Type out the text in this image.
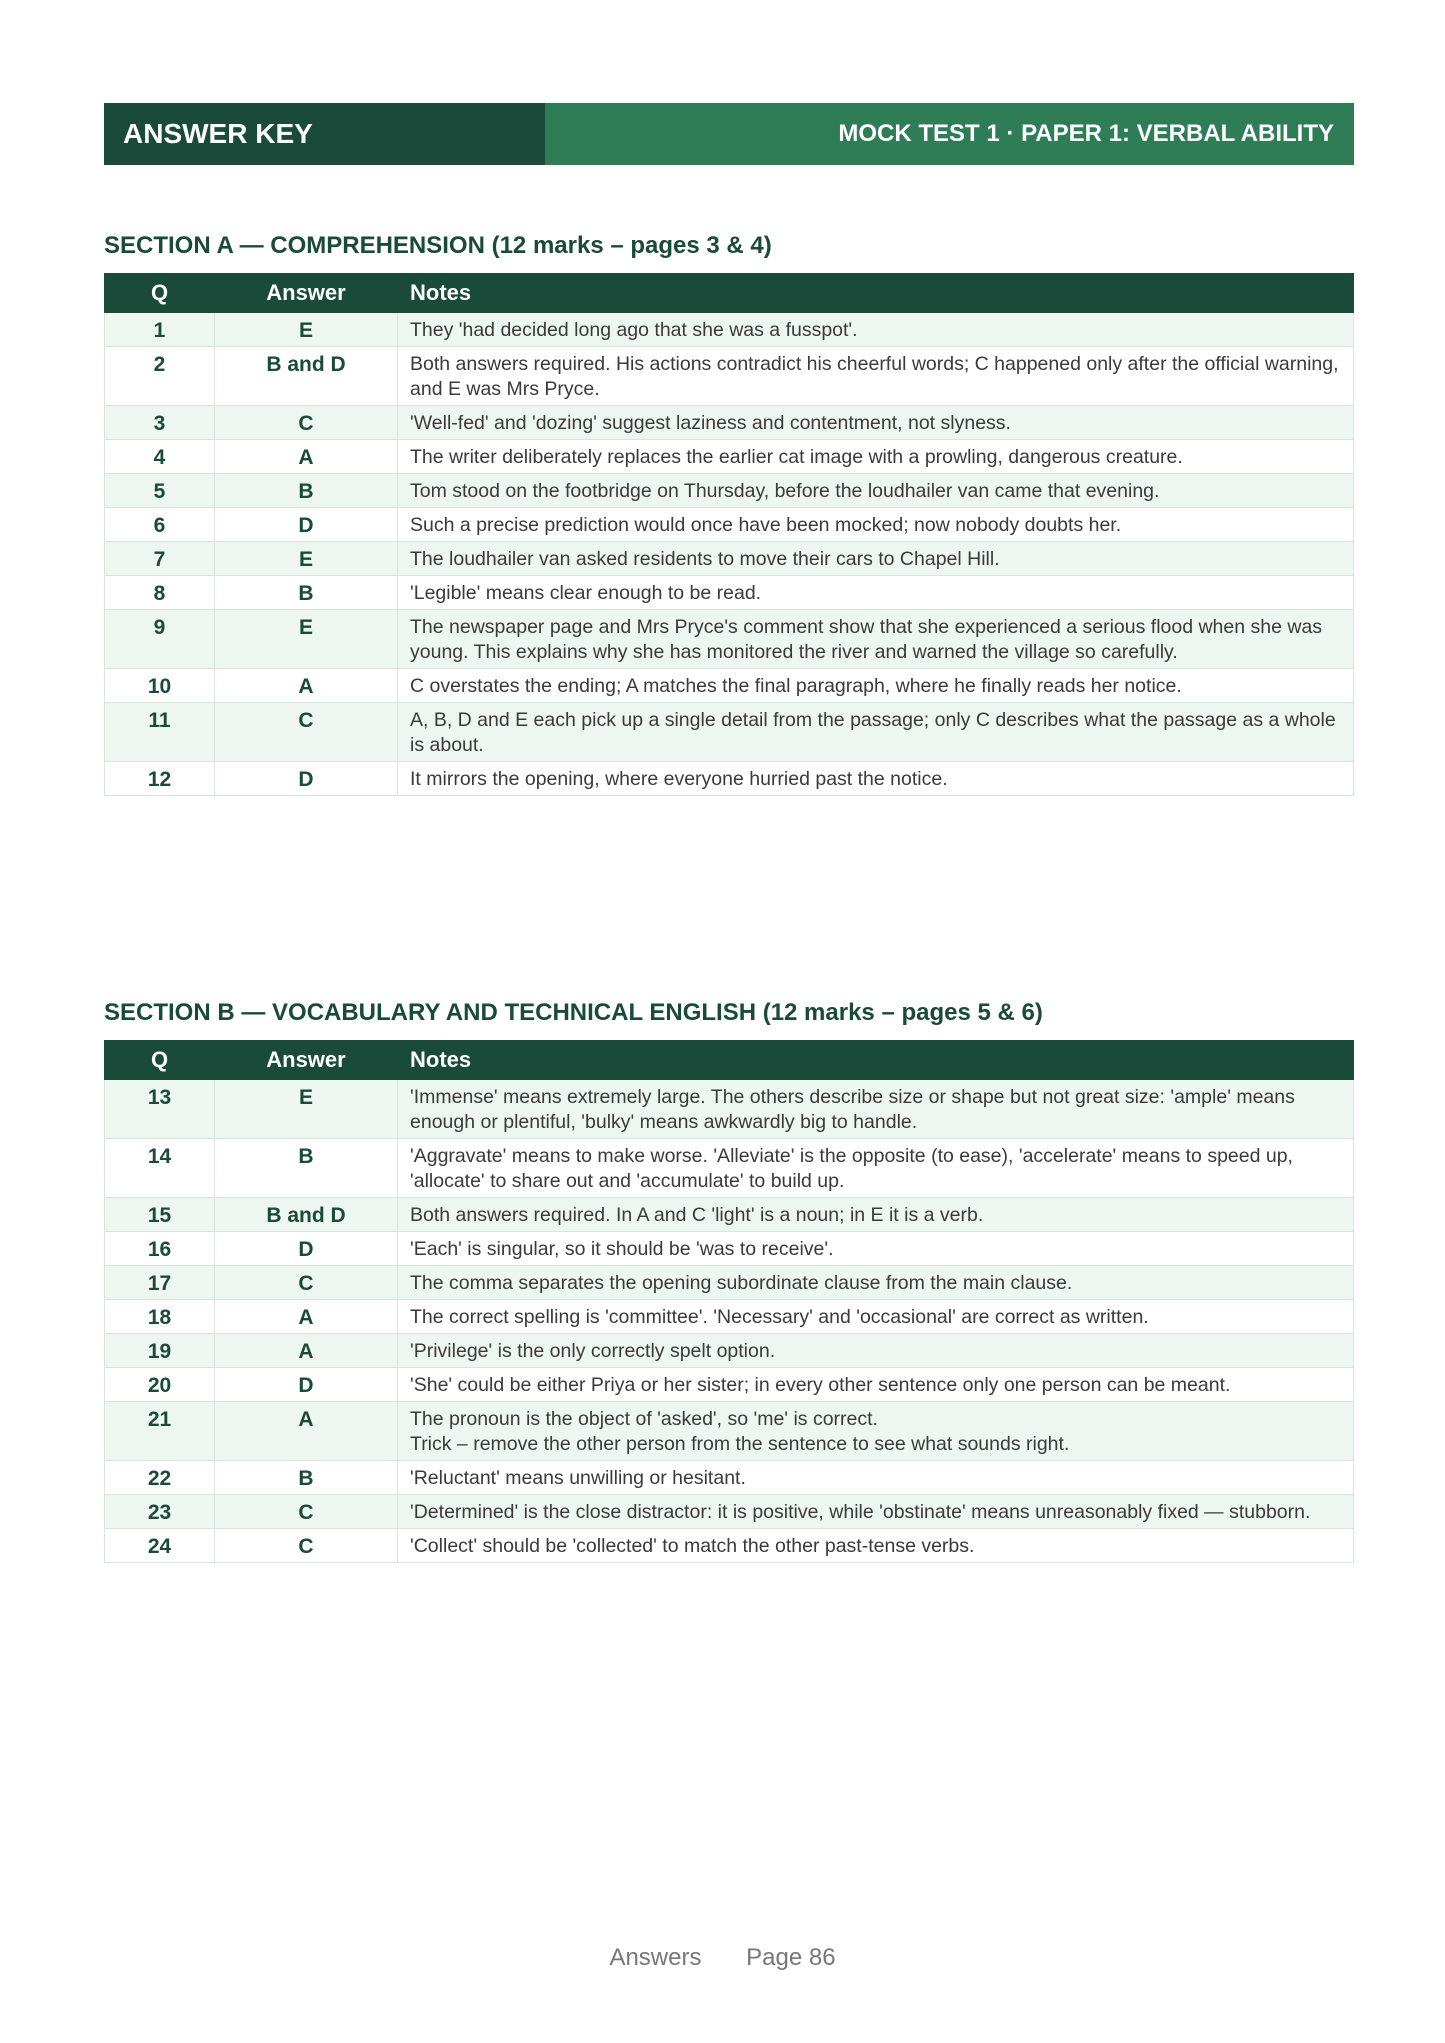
ANSWER KEY	MOCK TEST 1 · PAPER 1: VERBAL ABILITY
SECTION A — COMPREHENSION (12 marks – pages 3 & 4)
Q	Answer	Notes
1	E	They 'had decided long ago that she was a fusspot'.

2	B and D	Both answers required. His actions contradict his cheerful words; C happened only after the official warning, and E was Mrs Pryce.

3	C	'Well-fed' and 'dozing' suggest laziness and contentment, not slyness.

4	A	The writer deliberately replaces the earlier cat image with a prowling, dangerous creature.

5	B	Tom stood on the footbridge on Thursday, before the loudhailer van came that evening.

6	D	Such a precise prediction would once have been mocked; now nobody doubts her.

7	E	The loudhailer van asked residents to move their cars to Chapel Hill.

8	B	'Legible' means clear enough to be read.

9	E	The newspaper page and Mrs Pryce's comment show that she experienced a serious flood when she was young. This explains why she has monitored the river and warned the village so carefully.

10	A	C overstates the ending; A matches the final paragraph, where he finally reads her notice.

11	C	A, B, D and E each pick up a single detail from the passage; only C describes what the passage as a whole is about.

12	D	It mirrors the opening, where everyone hurried past the notice.
SECTION B — VOCABULARY AND TECHNICAL ENGLISH (12 marks – pages 5 & 6)
Q	Answer	Notes
13	E	'Immense' means extremely large. The others describe size or shape but not great size: 'ample' means enough or plentiful, 'bulky' means awkwardly big to handle.

14	B	'Aggravate' means to make worse. 'Alleviate' is the opposite (to ease), 'accelerate' means to speed up, 'allocate' to share out and 'accumulate' to build up.

15	B and D	Both answers required. In A and C 'light' is a noun; in E it is a verb.

16	D	'Each' is singular, so it should be 'was to receive'.

17	C	The comma separates the opening subordinate clause from the main clause.

18	A	The correct spelling is 'committee'. 'Necessary' and 'occasional' are correct as written.

19	A	'Privilege' is the only correctly spelt option.

20	D	'She' could be either Priya or her sister; in every other sentence only one person can be meant.

21	A	The pronoun is the object of 'asked', so 'me' is correct.
Trick – remove the other person from the sentence to see what sounds right.

22	B	'Reluctant' means unwilling or hesitant.

23	C	'Determined' is the close distractor: it is positive, while 'obstinate' means unreasonably fixed — stubborn.

24	C	'Collect' should be 'collected' to match the other past-tense verbs.
Answers Page 86
